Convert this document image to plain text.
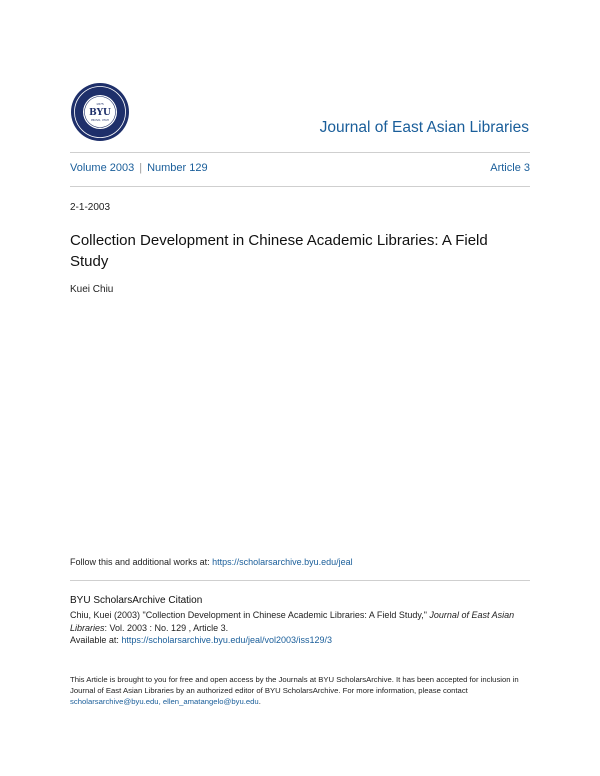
1875
BYU
PROVO, UTAH	Journal of East Asian Libraries
Volume 2003 | Number 129	Article 3
2-1-2003
Collection Development in Chinese Academic Libraries: A Field Study
Kuei Chiu
Follow this and additional works at: https://scholarsarchive.byu.edu/jeal
BYU ScholarsArchive Citation
Chiu, Kuei (2003) "Collection Development in Chinese Academic Libraries: A Field Study," Journal of East Asian Libraries: Vol. 2003 : No. 129 , Article 3.
Available at: https://scholarsarchive.byu.edu/jeal/vol2003/iss129/3
This Article is brought to you for free and open access by the Journals at BYU ScholarsArchive. It has been accepted for inclusion in Journal of East Asian Libraries by an authorized editor of BYU ScholarsArchive. For more information, please contact scholarsarchive@byu.edu, ellen_amatangelo@byu.edu.
